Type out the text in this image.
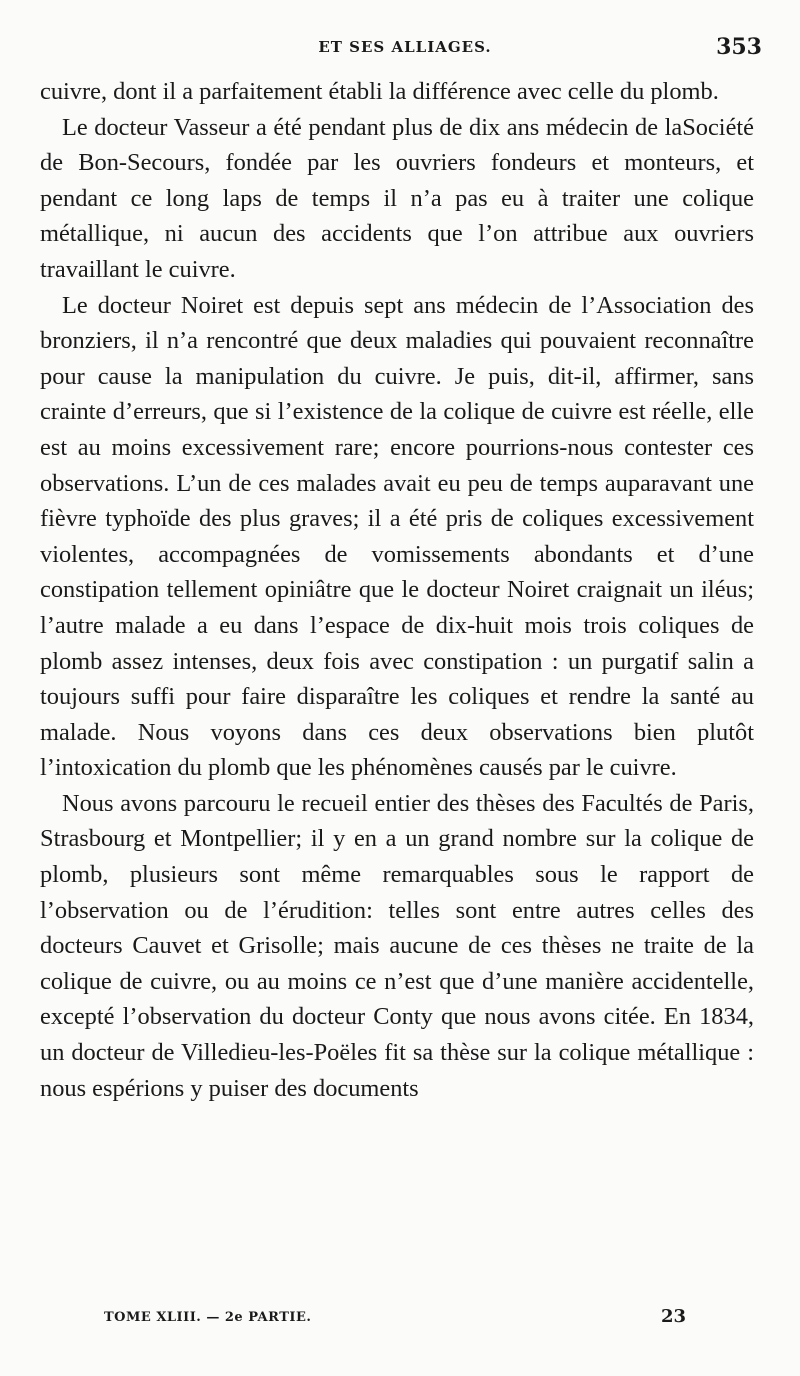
ET SES ALLIAGES.	353

cuivre, dont il a parfaitement établi la différence avec celle du plomb.

Le docteur Vasseur a été pendant plus de dix ans médecin de laSociété de Bon-Secours, fondée par les ouvriers fondeurs et monteurs, et pendant ce long laps de temps il n’a pas eu à traiter une colique métallique, ni aucun des accidents que l’on attribue aux ouvriers travaillant le cuivre.

Le docteur Noiret est depuis sept ans médecin de l’Association des bronziers, il n’a rencontré que deux maladies qui pouvaient reconnaître pour cause la manipulation du cuivre. Je puis, dit-il, affirmer, sans crainte d’erreurs, que si l’existence de la colique de cuivre est réelle, elle est au moins excessivement rare; encore pourrions-nous contester ces observations. L’un de ces malades avait eu peu de temps auparavant une fièvre typhoïde des plus graves; il a été pris de coliques excessivement violentes, accompagnées de vomissements abondants et d’une constipation tellement opiniâtre que le docteur Noiret craignait un iléus; l’autre malade a eu dans l’espace de dix-huit mois trois coliques de plomb assez intenses, deux fois avec constipation : un purgatif salin a toujours suffi pour faire disparaître les coliques et rendre la santé au malade. Nous voyons dans ces deux observations bien plutôt l’intoxication du plomb que les phénomènes causés par le cuivre.

Nous avons parcouru le recueil entier des thèses des Facultés de Paris, Strasbourg et Montpellier; il y en a un grand nombre sur la colique de plomb, plusieurs sont même remarquables sous le rapport de l’observation ou de l’érudition: telles sont entre autres celles des docteurs Cauvet et Grisolle; mais aucune de ces thèses ne traite de la colique de cuivre, ou au moins ce n’est que d’une manière accidentelle, excepté l’observation du docteur Conty que nous avons citée. En 1834, un docteur de Villedieu-les-Poëles fit sa thèse sur la colique métallique : nous espérions y puiser des documents

TOME XLIII. — 2e PARTIE.	23
